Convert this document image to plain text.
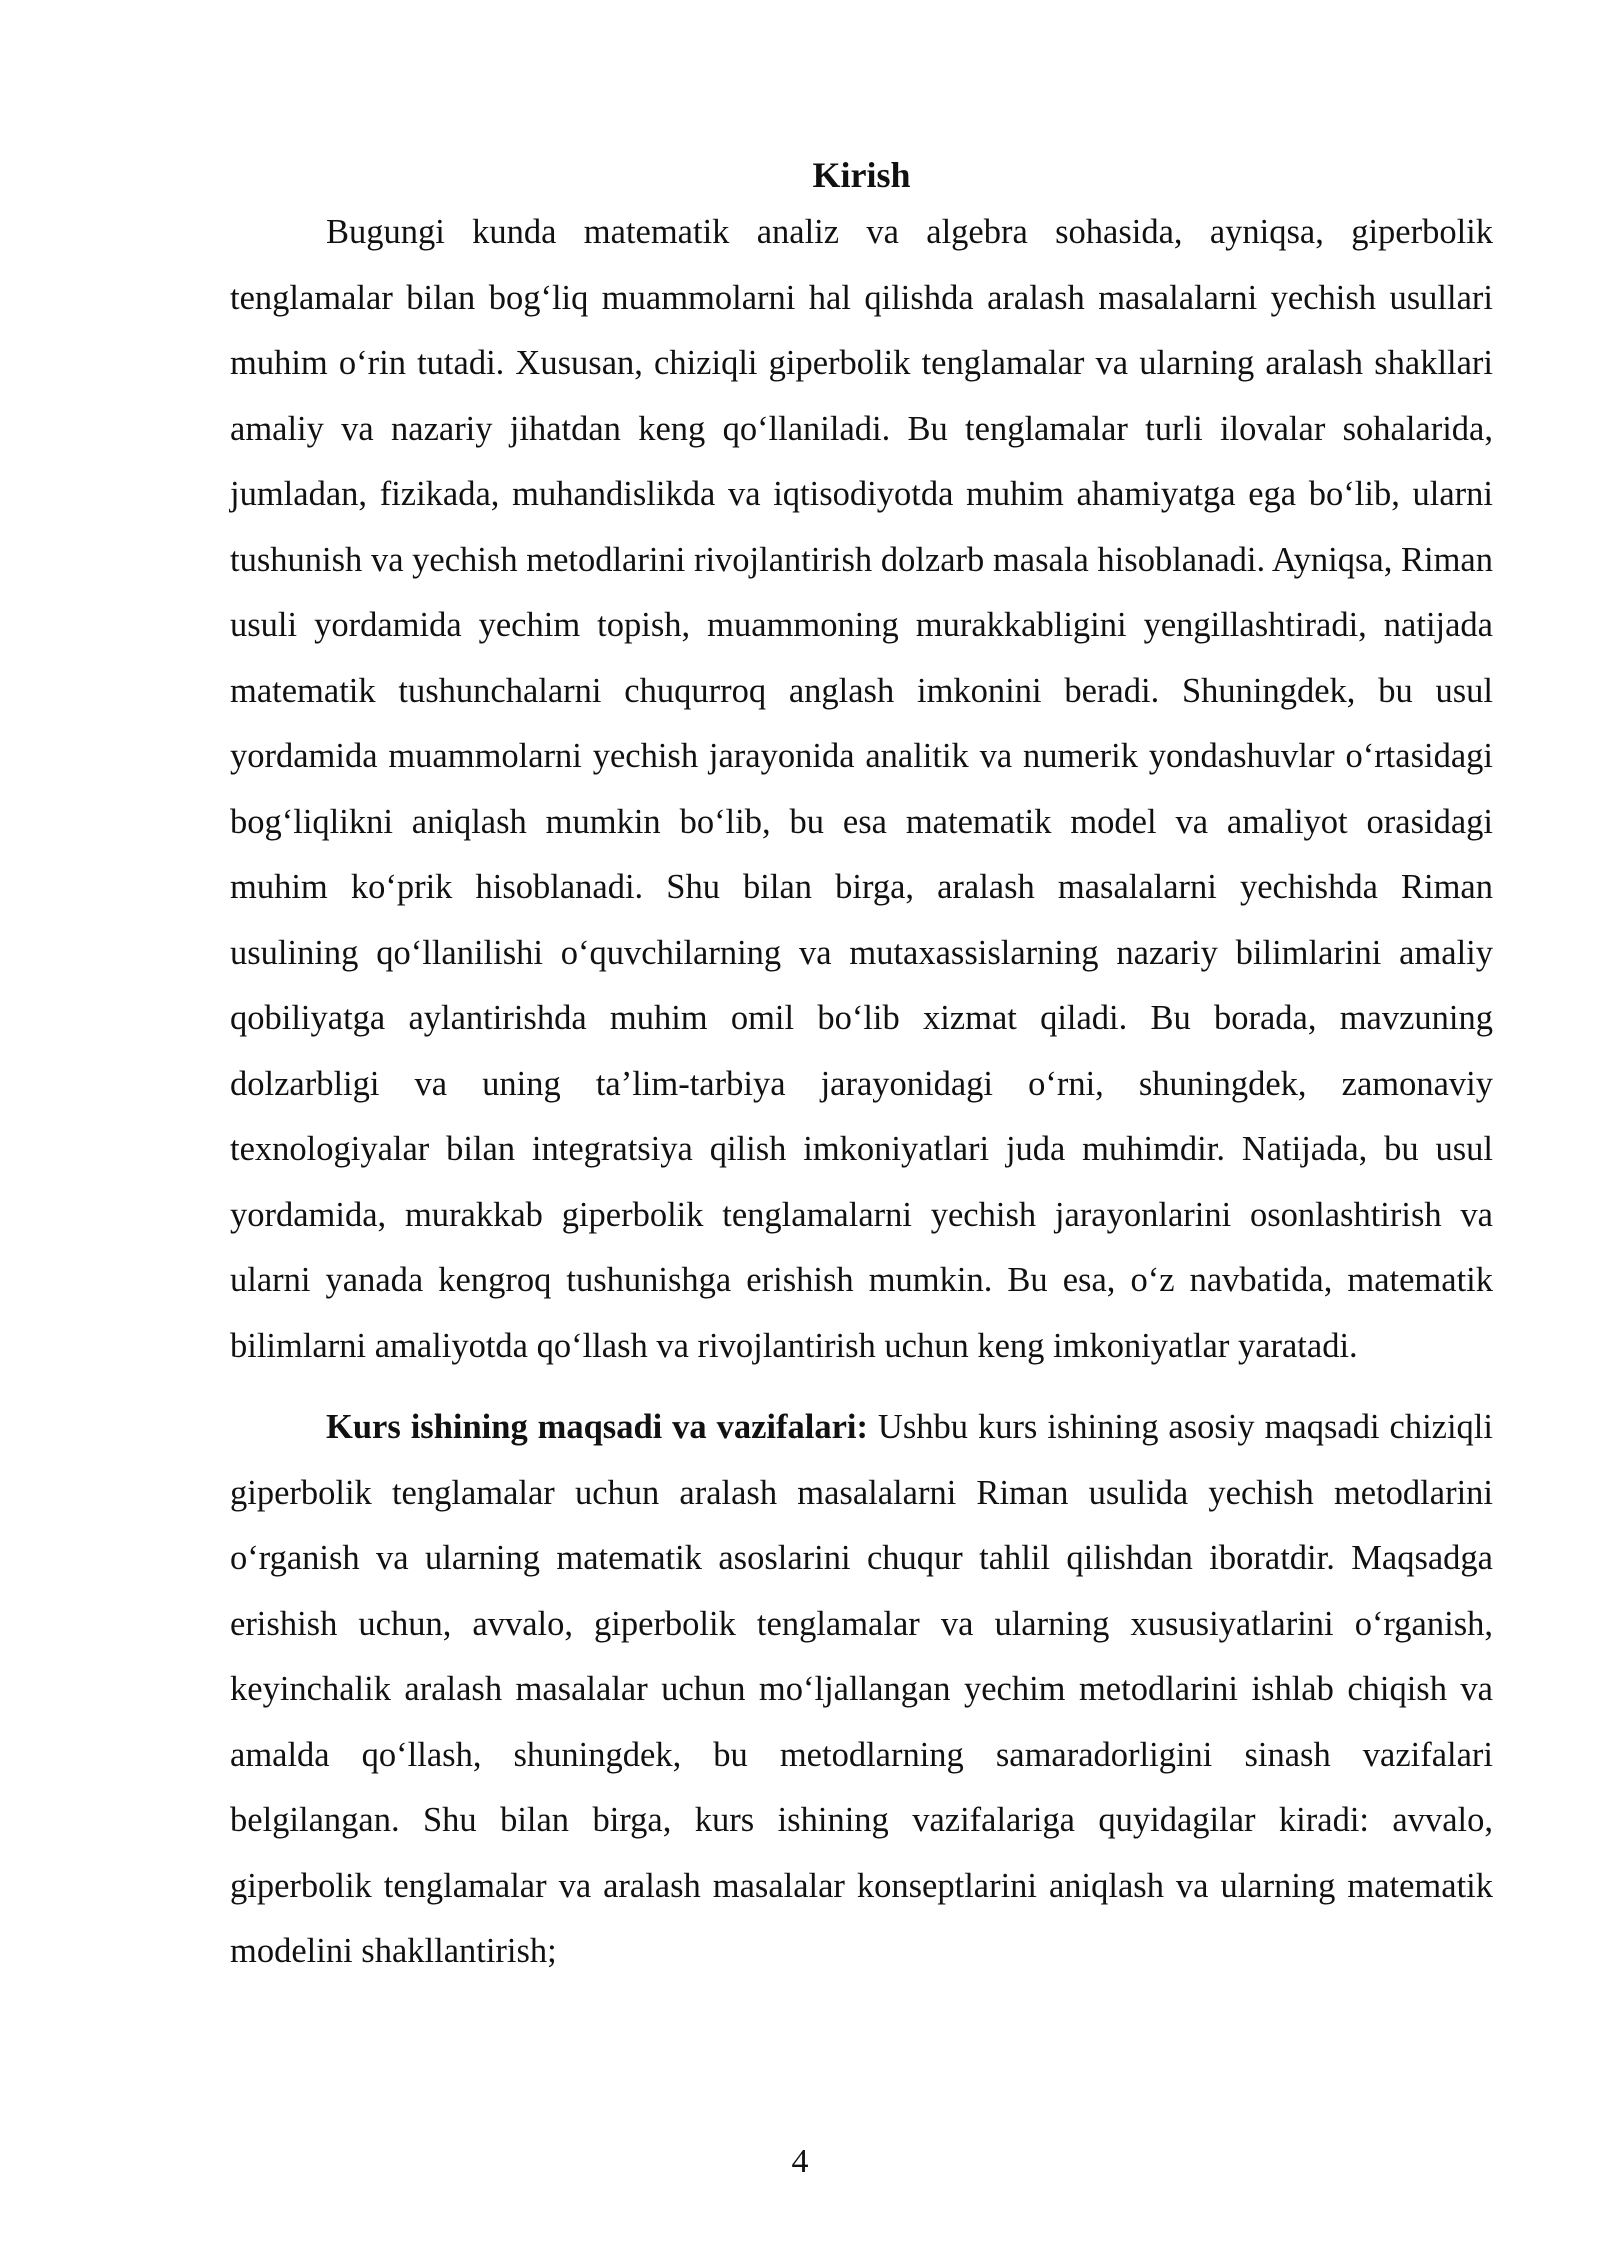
Kirish

Bugungi kunda matematik analiz va algebra sohasida, ayniqsa, giperbolik tenglamalar bilan bog‘liq muammolarni hal qilishda aralash masalalarni yechish usullari muhim o‘rin tutadi. Xususan, chiziqli giperbolik tenglamalar va ularning aralash shakllari amaliy va nazariy jihatdan keng qo‘llaniladi. Bu tenglamalar turli ilovalar sohalarida, jumladan, fizikada, muhandislikda va iqtisodiyotda muhim ahamiyatga ega bo‘lib, ularni tushunish va yechish metodlarini rivojlantirish dolzarb masala hisoblanadi. Ayniqsa, Riman usuli yordamida yechim topish, muammoning murakkabligini yengillashtiradi, natijada matematik tushunchalarni chuqurroq anglash imkonini beradi. Shuningdek, bu usul yordamida muammolarni yechish jarayonida analitik va numerik yondashuvlar o‘rtasidagi bog‘liqlikni aniqlash mumkin bo‘lib, bu esa matematik model va amaliyot orasidagi muhim ko‘prik hisoblanadi. Shu bilan birga, aralash masalalarni yechishda Riman usulining qo‘llanilishi o‘quvchilarning va mutaxassislarning nazariy bilimlarini amaliy qobiliyatga aylantirishda muhim omil bo‘lib xizmat qiladi. Bu borada, mavzuning dolzarbligi va uning ta’lim-tarbiya jarayonidagi o‘rni, shuningdek, zamonaviy texnologiyalar bilan integratsiya qilish imkoniyatlari juda muhimdir. Natijada, bu usul yordamida, murakkab giperbolik tenglamalarni yechish jarayonlarini osonlashtirish va ularni yanada kengroq tushunishga erishish mumkin. Bu esa, o‘z navbatida, matematik bilimlarni amaliyotda qo‘llash va rivojlantirish uchun keng imkoniyatlar yaratadi.

Kurs ishining maqsadi va vazifalari: Ushbu kurs ishining asosiy maqsadi chiziqli giperbolik tenglamalar uchun aralash masalalarni Riman usulida yechish metodlarini o‘rganish va ularning matematik asoslarini chuqur tahlil qilishdan iboratdir. Maqsadga erishish uchun, avvalo, giperbolik tenglamalar va ularning xususiyatlarini o‘rganish, keyinchalik aralash masalalar uchun mo‘ljallangan yechim metodlarini ishlab chiqish va amalda qo‘llash, shuningdek, bu metodlarning samaradorligini sinash vazifalari belgilangan. Shu bilan birga, kurs ishining vazifalariga quyidagilar kiradi: avvalo, giperbolik tenglamalar va aralash masalalar konseptlarini aniqlash va ularning matematik modelini shakllantirish;

4
